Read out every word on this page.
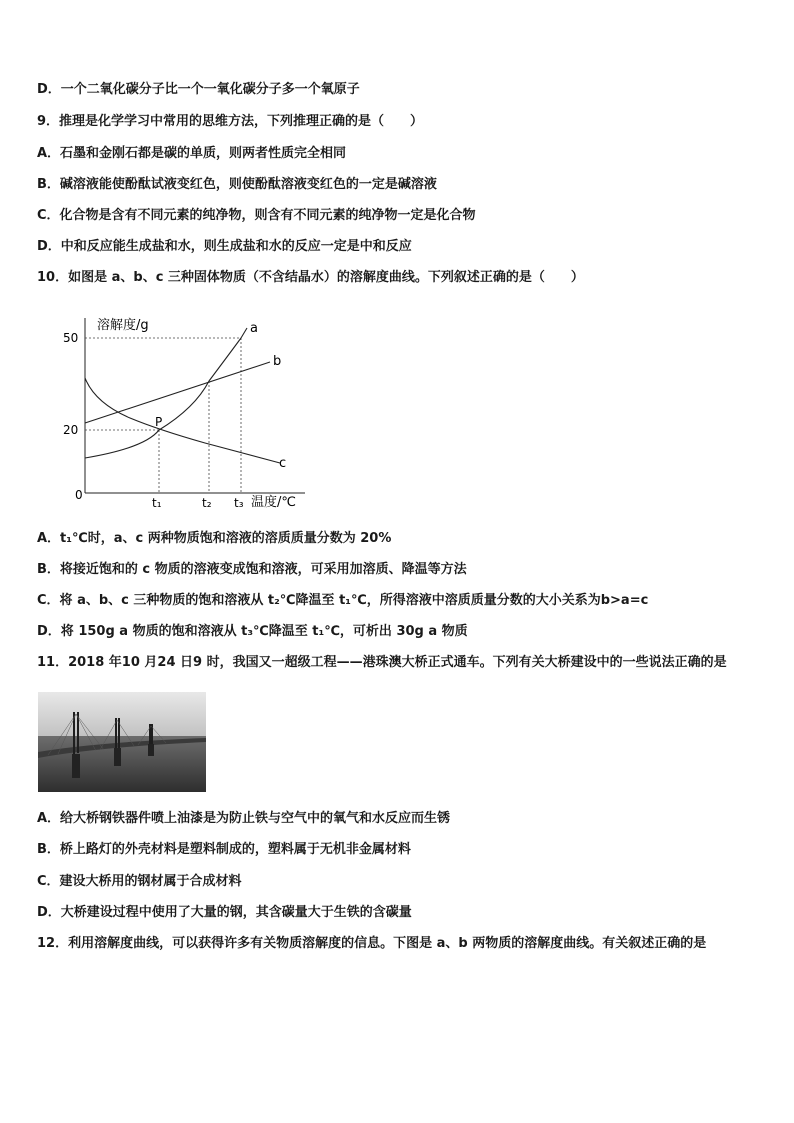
D．一个二氧化碳分子比一个一氧化碳分子多一个氧原子
9．推理是化学学习中常用的思维方法，下列推理正确的是（　　）
A．石墨和金刚石都是碳的单质，则两者性质完全相同
B．碱溶液能使酚酞试液变红色，则使酚酞溶液变红色的一定是碱溶液
C．化合物是含有不同元素的纯净物，则含有不同元素的纯净物一定是化合物
D．中和反应能生成盐和水，则生成盐和水的反应一定是中和反应
10．如图是 a、b、c 三种固体物质（不含结晶水）的溶解度曲线。下列叙述正确的是（　　）
溶解度/g
50
20
0
t₁	t₂ t₃ 温度/℃
P
a
b
c
A．t₁℃时，a、c 两种物质饱和溶液的溶质质量分数为 20%
B．将接近饱和的 c 物质的溶液变成饱和溶液，可采用加溶质、降温等方法
C．将 a、b、c 三种物质的饱和溶液从 t₂℃降温至 t₁℃，所得溶液中溶质质量分数的大小关系为b>a=c
D．将 150g a 物质的饱和溶液从 t₃℃降温至 t₁℃，可析出 30g a 物质
11．2018 年10 月24 日9 时，我国又一超级工程——港珠澳大桥正式通车。下列有关大桥建设中的一些说法正确的是
A．给大桥钢铁器件喷上油漆是为防止铁与空气中的氧气和水反应而生锈
B．桥上路灯的外壳材料是塑料制成的，塑料属于无机非金属材料
C．建设大桥用的钢材属于合成材料
D．大桥建设过程中使用了大量的钢，其含碳量大于生铁的含碳量
12．利用溶解度曲线，可以获得许多有关物质溶解度的信息。下图是 a、b 两物质的溶解度曲线。有关叙述正确的是
